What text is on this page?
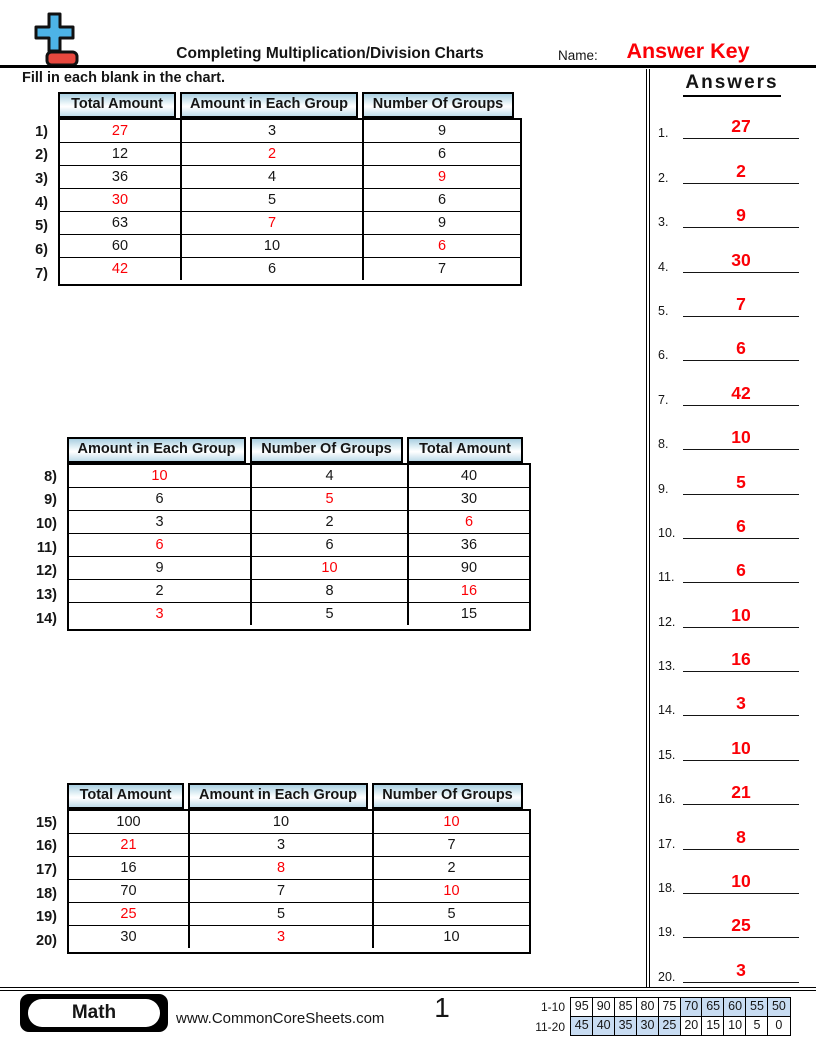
Completing Multiplication/Division Charts	Name:	Answer Key
Fill in each blank in the chart.
Total Amount	Amount in Each Group	Number Of Groups
1)
2)
3)
4)
5)
6)
7)
27	3	9
12	2	6
36	4	9
30	5	6
63	7	9
60	10	6
42	6	7
Amount in Each Group	Number Of Groups	Total Amount
8)
9)
10)
11)
12)
13)
14)
10	4	40
6	5	30
3	2	6
6	6	36
9	10	90
2	8	16
3	5	15
Total Amount	Amount in Each Group	Number Of Groups
15)
16)
17)
18)
19)
20)
100	10	10
21	3	7
16	8	2
70	7	10
25	5	5
30	3	10
Answers
1.	27
2.	2
3.	9
4.	30
5.	7
6.	6
7.	42
8.	10
9.	5
10.	6
11.	6
12.	10
13.	16
14.	3
15.	10
16.	21
17.	8
18.	10
19.	25
20.	3
Math	www.CommonCoreSheets.com	1	1-10 95 90 85 80 75 70 65 60 55 50
11-20 45 40 35 30 25 20 15 10 5	0
